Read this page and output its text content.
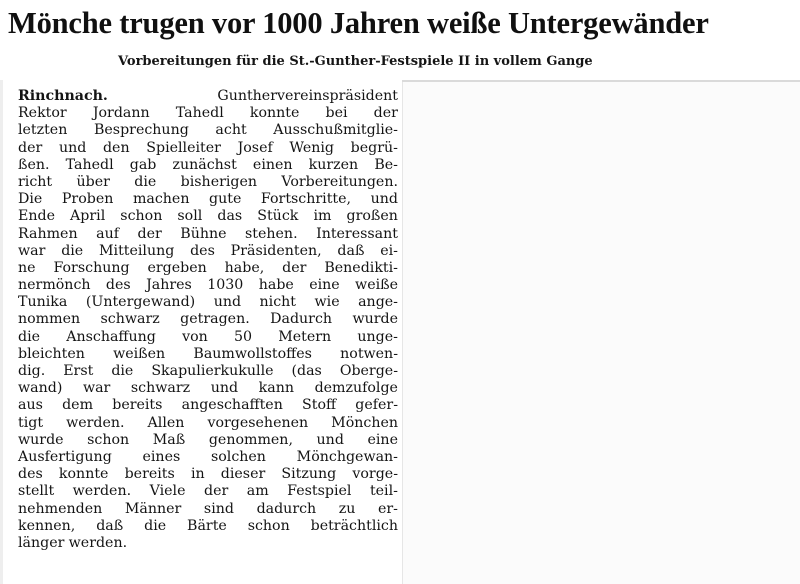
Mönche trugen vor 1000 Jahren weiße Untergewänder
Vorbereitungen für die St.-Gunther-Festspiele II in vollem Gange
Rinchnach.	Gunthervereinspräsident
Rektor Jordann Tahedl konnte bei der
letzten Besprechung acht Ausschußmitglie-
der und den Spielleiter Josef Wenig begrü-
ßen. Tahedl gab zunächst einen kurzen Be-
richt über die bisherigen Vorbereitungen.
Die Proben machen gute Fortschritte, und
Ende April schon soll das Stück im großen
Rahmen auf der Bühne stehen. Interessant
war die Mitteilung des Präsidenten, daß ei-
ne Forschung ergeben habe, der Benedikti-
nermönch des Jahres 1030 habe eine weiße
Tunika (Untergewand) und nicht wie ange-
nommen schwarz getragen. Dadurch wurde
die Anschaffung von 50 Metern unge-
bleichten weißen Baumwollstoffes notwen-
dig. Erst die Skapulierkukulle (das Oberge-
wand) war schwarz und kann demzufolge
aus dem bereits angeschafften Stoff gefer-
tigt werden. Allen vorgesehenen Mönchen
wurde schon Maß genommen, und eine
Ausfertigung eines solchen Mönchgewan-
des konnte bereits in dieser Sitzung vorge-
stellt werden. Viele der am Festspiel teil-
nehmenden Männer sind dadurch zu er-
kennen, daß die Bärte schon beträchtlich
länger werden.
